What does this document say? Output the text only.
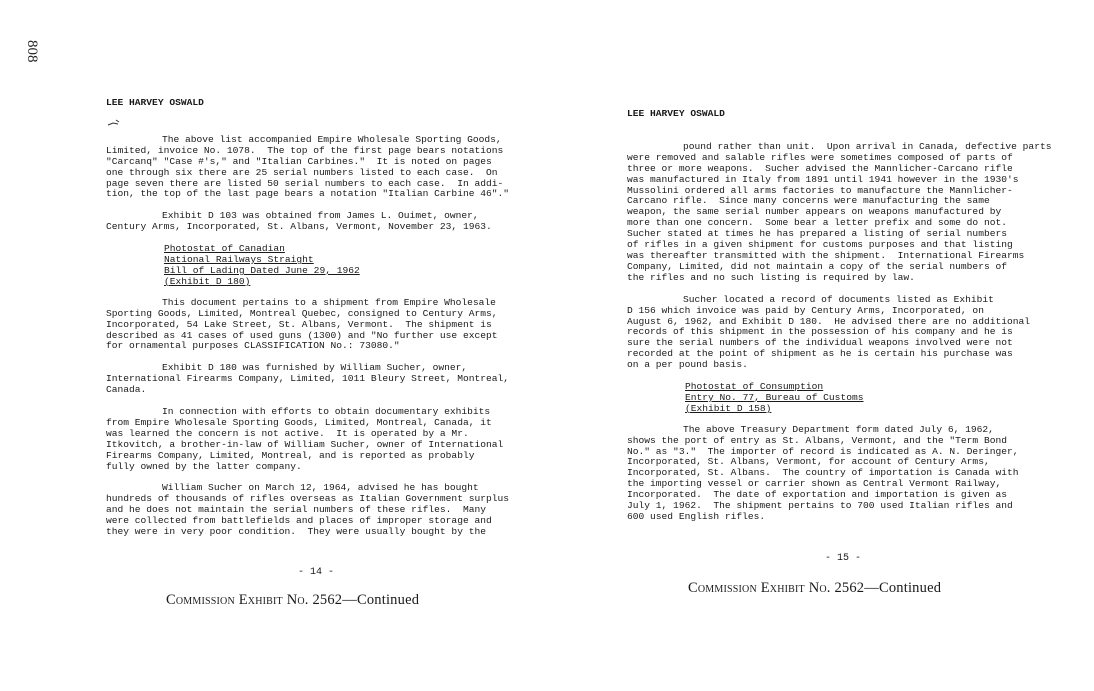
808
LEE HARVEY OSWALD
The above list accompanied Empire Wholesale Sporting Goods,
Limited, invoice No. 1078.  The top of the first page bears notations
"Carcanq" "Case #'s," and "Italian Carbines."  It is noted on pages
one through six there are 25 serial numbers listed to each case.  On
page seven there are listed 50 serial numbers to each case.  In addi-
tion, the top of the last page bears a notation "Italian Carbine 46"."
Exhibit D 103 was obtained from James L. Ouimet, owner,
Century Arms, Incorporated, St. Albans, Vermont, November 23, 1963.
Photostat of Canadian
National Railways Straight
Bill of Lading Dated June 29, 1962
(Exhibit D 180)
This document pertains to a shipment from Empire Wholesale
Sporting Goods, Limited, Montreal Quebec, consigned to Century Arms,
Incorporated, 54 Lake Street, St. Albans, Vermont.  The shipment is
described as 41 cases of used guns (1300) and "No further use except
for ornamental purposes CLASSIFICATION No.: 73080."
Exhibit D 180 was furnished by William Sucher, owner,
International Firearms Company, Limited, 1011 Bleury Street, Montreal,
Canada.
In connection with efforts to obtain documentary exhibits
from Empire Wholesale Sporting Goods, Limited, Montreal, Canada, it
was learned the concern is not active.  It is operated by a Mr.
Itkovitch, a brother-in-law of William Sucher, owner of International
Firearms Company, Limited, Montreal, and is reported as probably
fully owned by the latter company.
William Sucher on March 12, 1964, advised he has bought
hundreds of thousands of rifles overseas as Italian Government surplus
and he does not maintain the serial numbers of these rifles.  Many
were collected from battlefields and places of improper storage and
they were in very poor condition.  They were usually bought by the
LEE HARVEY OSWALD
pound rather than unit.  Upon arrival in Canada, defective parts
were removed and salable rifles were sometimes composed of parts of
three or more weapons.  Sucher advised the Mannlicher-Carcano rifle
was manufactured in Italy from 1891 until 1941 however in the 1930's
Mussolini ordered all arms factories to manufacture the Mannlicher-
Carcano rifle.  Since many concerns were manufacturing the same
weapon, the same serial number appears on weapons manufactured by
more than one concern.  Some bear a letter prefix and some do not.
Sucher stated at times he has prepared a listing of serial numbers
of rifles in a given shipment for customs purposes and that listing
was thereafter transmitted with the shipment.  International Firearms
Company, Limited, did not maintain a copy of the serial numbers of
the rifles and no such listing is required by law.
Sucher located a record of documents listed as Exhibit
D 156 which invoice was paid by Century Arms, Incorporated, on
August 6, 1962, and Exhibit D 180.  He advised there are no additional
records of this shipment in the possession of his company and he is
sure the serial numbers of the individual weapons involved were not
recorded at the point of shipment as he is certain his purchase was
on a per pound basis.
Photostat of Consumption
Entry No. 77, Bureau of Customs
(Exhibit D 158)
The above Treasury Department form dated July 6, 1962,
shows the port of entry as St. Albans, Vermont, and the "Term Bond
No." as "3."  The importer of record is indicated as A. N. Deringer,
Incorporated, St. Albans, Vermont, for account of Century Arms,
Incorporated, St. Albans.  The country of importation is Canada with
the importing vessel or carrier shown as Central Vermont Railway,
Incorporated.  The date of exportation and importation is given as
July 1, 1962.  The shipment pertains to 700 used Italian rifles and
600 used English rifles.
- 14 -
- 15 -
Commission Exhibit No. 2562—Continued
Commission Exhibit No. 2562—Continued
